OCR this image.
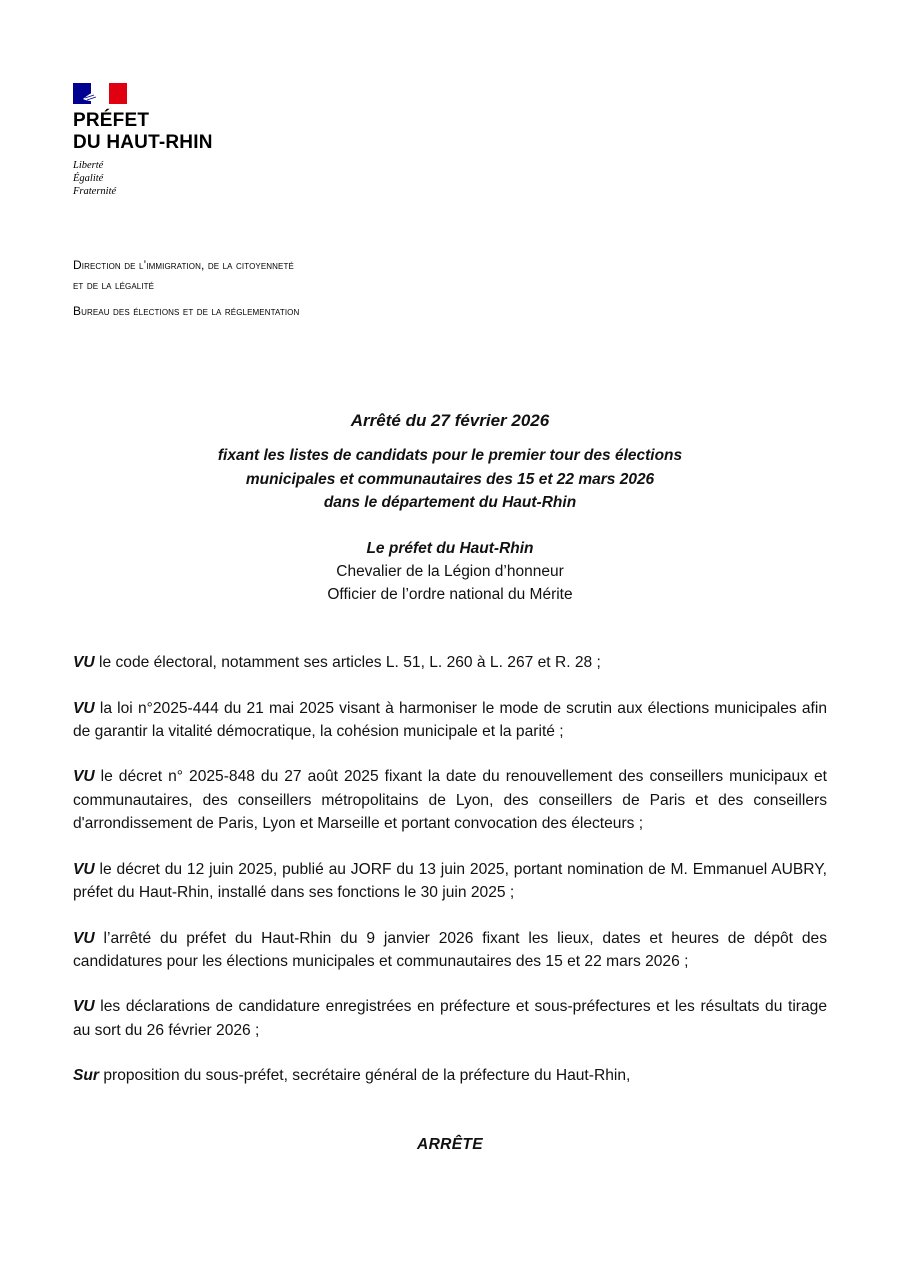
PRÉFET
DU HAUT-RHIN
Liberté
Égalité
Fraternité
Direction de l’immigration, de la citoyenneté
et de la légalité
Bureau des élections et de la réglementation
Arrêté du 27 février 2026
fixant les listes de candidats pour le premier tour des élections
municipales et communautaires des 15 et 22 mars 2026
dans le département du Haut-Rhin
Le préfet du Haut-Rhin
Chevalier de la Légion d’honneur
Officier de l’ordre national du Mérite

VU le code électoral, notamment ses articles L. 51, L. 260 à L. 267 et R. 28 ;

VU la loi n°2025-444 du 21 mai 2025 visant à harmoniser le mode de scrutin aux élections municipales afin de garantir la vitalité démocratique, la cohésion municipale et la parité ;

VU le décret n° 2025-848 du 27 août 2025 fixant la date du renouvellement des conseillers municipaux et communautaires, des conseillers métropolitains de Lyon, des conseillers de Paris et des conseillers d'arrondissement de Paris, Lyon et Marseille et portant convocation des électeurs ;

VU le décret du 12 juin 2025, publié au JORF du 13 juin 2025, portant nomination de M. Emmanuel AUBRY, préfet du Haut-Rhin, installé dans ses fonctions le 30 juin 2025 ;

VU l’arrêté du préfet du Haut-Rhin du 9 janvier 2026 fixant les lieux, dates et heures de dépôt des candidatures pour les élections municipales et communautaires des 15 et 22 mars 2026 ;

VU les déclarations de candidature enregistrées en préfecture et sous-préfectures et les résultats du tirage au sort du 26 février 2026 ;

Sur proposition du sous-préfet, secrétaire général de la préfecture du Haut-Rhin,

ARRÊTE
